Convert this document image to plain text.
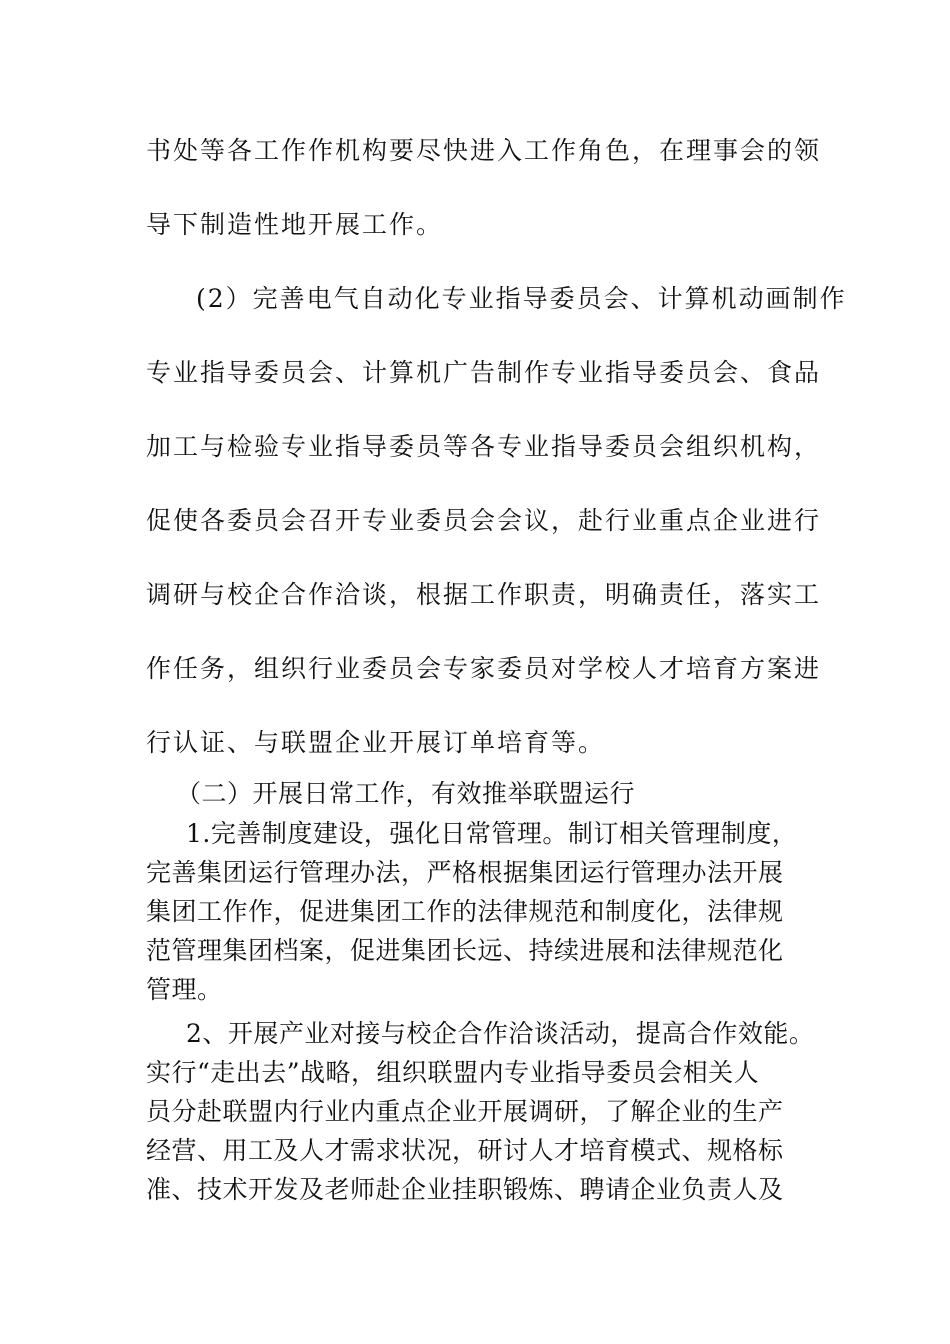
书处等各工作作机构要尽快进入工作角色，在理事会的领
导下制造性地开展工作。
(2）完善电气自动化专业指导委员会、计算机动画制作
专业指导委员会、计算机广告制作专业指导委员会、食品
加工与检验专业指导委员等各专业指导委员会组织机构，
促使各委员会召开专业委员会会议，赴行业重点企业进行
调研与校企合作洽谈，根据工作职责，明确责任，落实工
作任务，组织行业委员会专家委员对学校人才培育方案进
行认证、与联盟企业开展订单培育等。
（二）开展日常工作，有效推举联盟运行
1.完善制度建设，强化日常管理。制订相关管理制度，
完善集团运行管理办法，严格根据集团运行管理办法开展
集团工作作，促进集团工作的法律规范和制度化，法律规
范管理集团档案，促进集团长远、持续进展和法律规范化
管理。
2、开展产业对接与校企合作洽谈活动，提高合作效能。
实行“走出去”战略，组织联盟内专业指导委员会相关人
员分赴联盟内行业内重点企业开展调研，了解企业的生产
经营、用工及人才需求状况，研讨人才培育模式、规格标
准、技术开发及老师赴企业挂职锻炼、聘请企业负责人及
